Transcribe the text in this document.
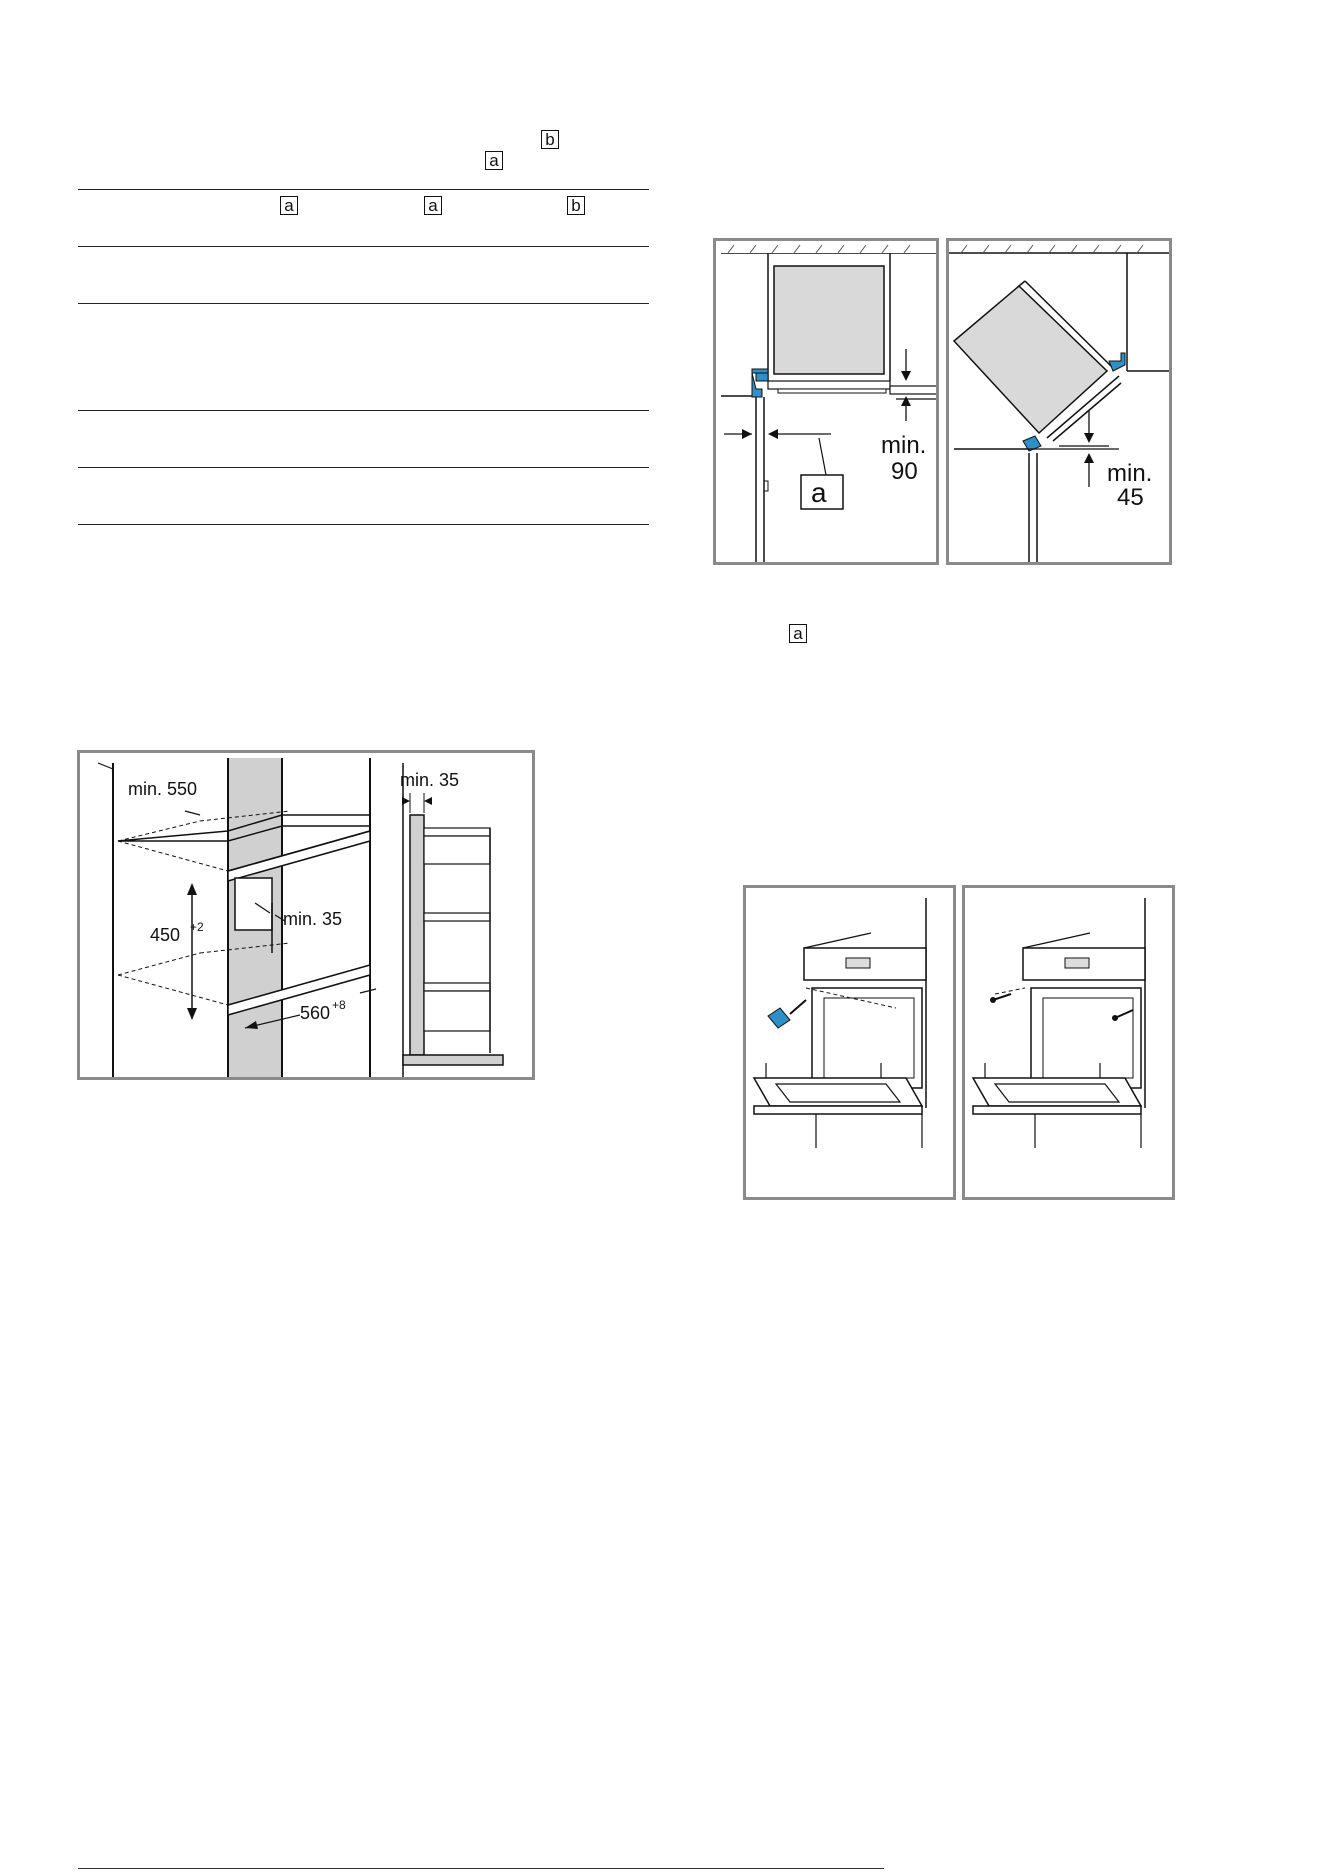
b
a
a	a	b
a
min. 550	min. 35
min. 35
450 +2
560 +8
a
min.
90	min.
45
